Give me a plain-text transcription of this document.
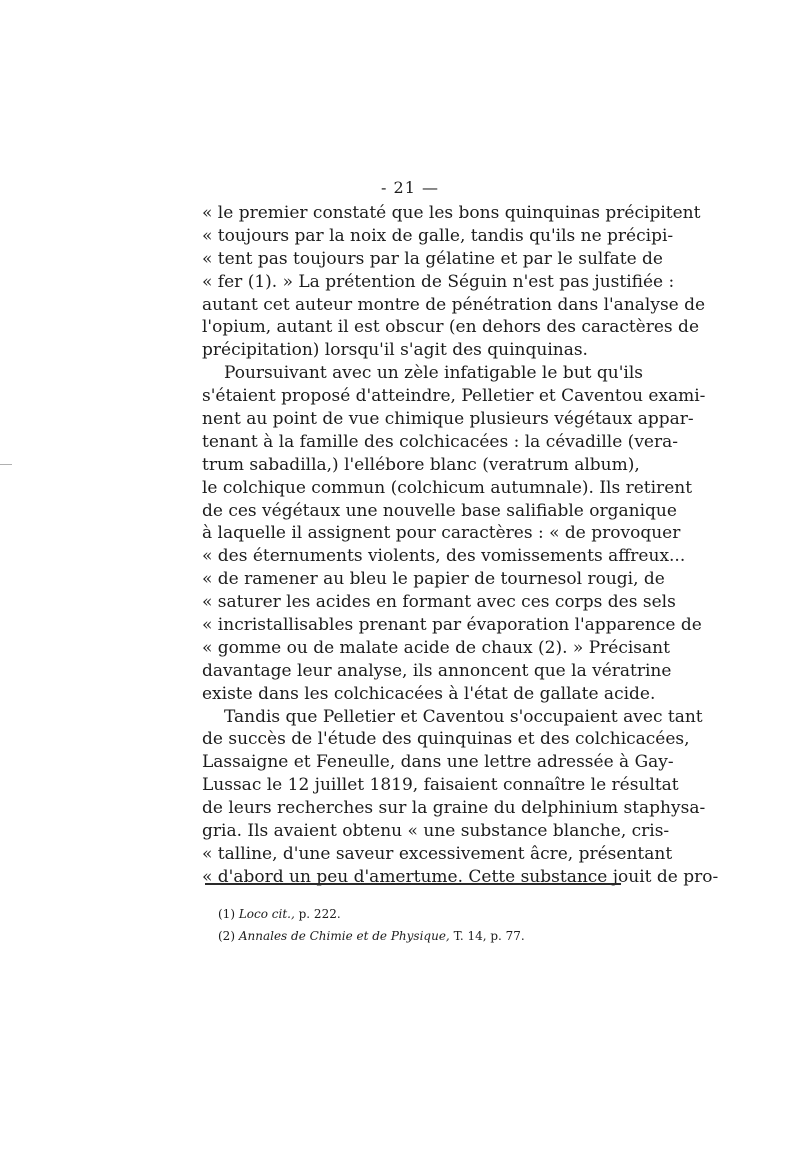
- 21 —
« le premier constaté que les bons quinquinas précipitent
« toujours par la noix de galle, tandis qu'ils ne précipi-
« tent pas toujours par la gélatine et par le sulfate de
« fer (1). » La prétention de Séguin n'est pas justifiée :
autant cet auteur montre de pénétration dans l'analyse de
l'opium, autant il est obscur (en dehors des caractères de
précipitation) lorsqu'il s'agit des quinquinas.
Poursuivant avec un zèle infatigable le but qu'ils
s'étaient proposé d'atteindre, Pelletier et Caventou exami-
nent au point de vue chimique plusieurs végétaux appar-
tenant à la famille des colchicacées : la cévadille (vera-
trum sabadilla,) l'ellébore blanc (veratrum album),
le colchique commun (colchicum autumnale). Ils retirent
de ces végétaux une nouvelle base salifiable organique
à laquelle il assignent pour caractères : « de provoquer
« des éternuments violents, des vomissements affreux...
« de ramener au bleu le papier de tournesol rougi, de
« saturer les acides en formant avec ces corps des sels
« incristallisables prenant par évaporation l'apparence de
« gomme ou de malate acide de chaux (2). » Précisant
davantage leur analyse, ils annoncent que la vératrine
existe dans les colchicacées à l'état de gallate acide.
Tandis que Pelletier et Caventou s'occupaient avec tant
de succès de l'étude des quinquinas et des colchicacées,
Lassaigne et Feneulle, dans une lettre adressée à Gay-
Lussac le 12 juillet 1819, faisaient connaître le résultat
de leurs recherches sur la graine du delphinium staphysa-
gria. Ils avaient obtenu « une substance blanche, cris-
« talline, d'une saveur excessivement âcre, présentant
« d'abord un peu d'amertume. Cette substance jouit de pro-
(1) Loco cit., p. 222.
(2) Annales de Chimie et de Physique, T. 14, p. 77.
